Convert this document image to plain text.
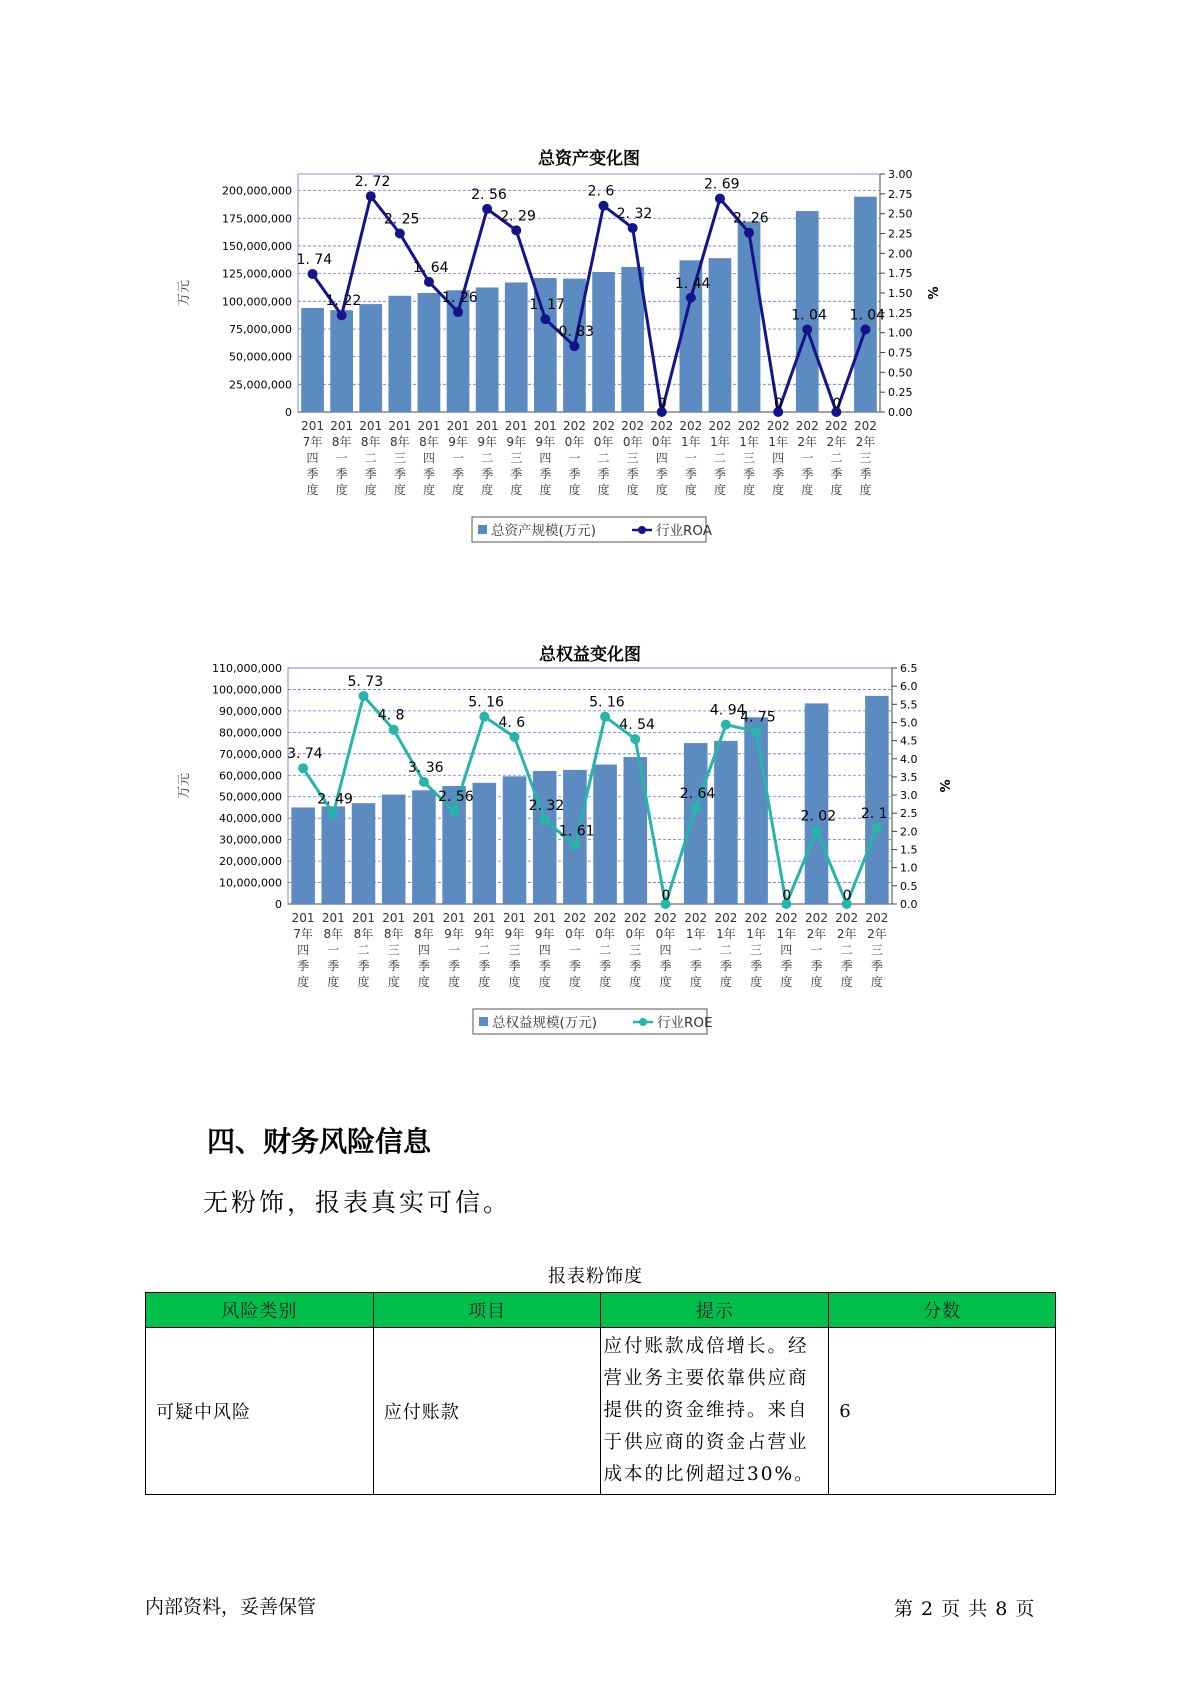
总资产变化图
0
25,000,000
50,000,000
75,000,000
100,000,000
125,000,000
150,000,000
175,000,000
200,000,000
0.00
0.25
0.50
0.75
1.00
1.25
1.50
1.75
2.00
2.25
2.50
2.75
3.00
万元	%
201
7年
四
季
度
201
8年
一
季
度
201
8年
二
季
度
201
8年
三
季
度
201
8年
四
季
度
201
9年
一
季
度
201
9年
二
季
度
201
9年
三
季
度
201
9年
四
季
度
202
0年
一
季
度
202
0年
二
季
度
202
0年
三
季
度
202
0年
四
季
度
202
1年
一
季
度
202
1年
二
季
度
202
1年
三
季
度
202
1年
四
季
度
202
2年
一
季
度
202
2年
二
季
度
202
2年
三
季
度
1. 74
1. 22
2. 72
2. 25
1. 64
1. 26
2. 56
2. 29
1. 17
0. 83
2. 6
2. 32
0
1. 44
2. 69
2. 26
0
1. 04
0
1. 04
总资产规模(万元)	行业ROA
总权益变化图
0
10,000,000
20,000,000
30,000,000
40,000,000
50,000,000
60,000,000
70,000,000
80,000,000
90,000,000
100,000,000
110,000,000
0.0
0.5
1.0
1.5
2.0
2.5
3.0
3.5
4.0
4.5
5.0
5.5
6.0
6.5
万元	%
201
7年
四
季
度
201
8年
一
季
度
201
8年
二
季
度
201
8年
三
季
度
201
8年
四
季
度
201
9年
一
季
度
201
9年
二
季
度
201
9年
三
季
度
201
9年
四
季
度
202
0年
一
季
度
202
0年
二
季
度
202
0年
三
季
度
202
0年
四
季
度
202
1年
一
季
度
202
1年
二
季
度
202
1年
三
季
度
202
1年
四
季
度
202
2年
一
季
度
202
2年
二
季
度
202
2年
三
季
度
3. 74
2. 49
5. 73
4. 8
3. 36
2. 56
5. 16
4. 6
2. 32
1. 61
5. 16
4. 54
0
2. 64
4. 94
4. 75
0
2. 02
0
2. 1
总权益规模(万元)	行业ROE
四、财务风险信息

无粉饰，报表真实可信。

报表粉饰度
风险类别	项目	提示	分数
可疑中风险	应付账款	应付账款成倍增长。经营业务主要依靠供应商提供的资金维持。来自于供应商的资金占营业成本的比例超过30%。	6
内部资料，妥善保管	第 2 页 共 8 页
